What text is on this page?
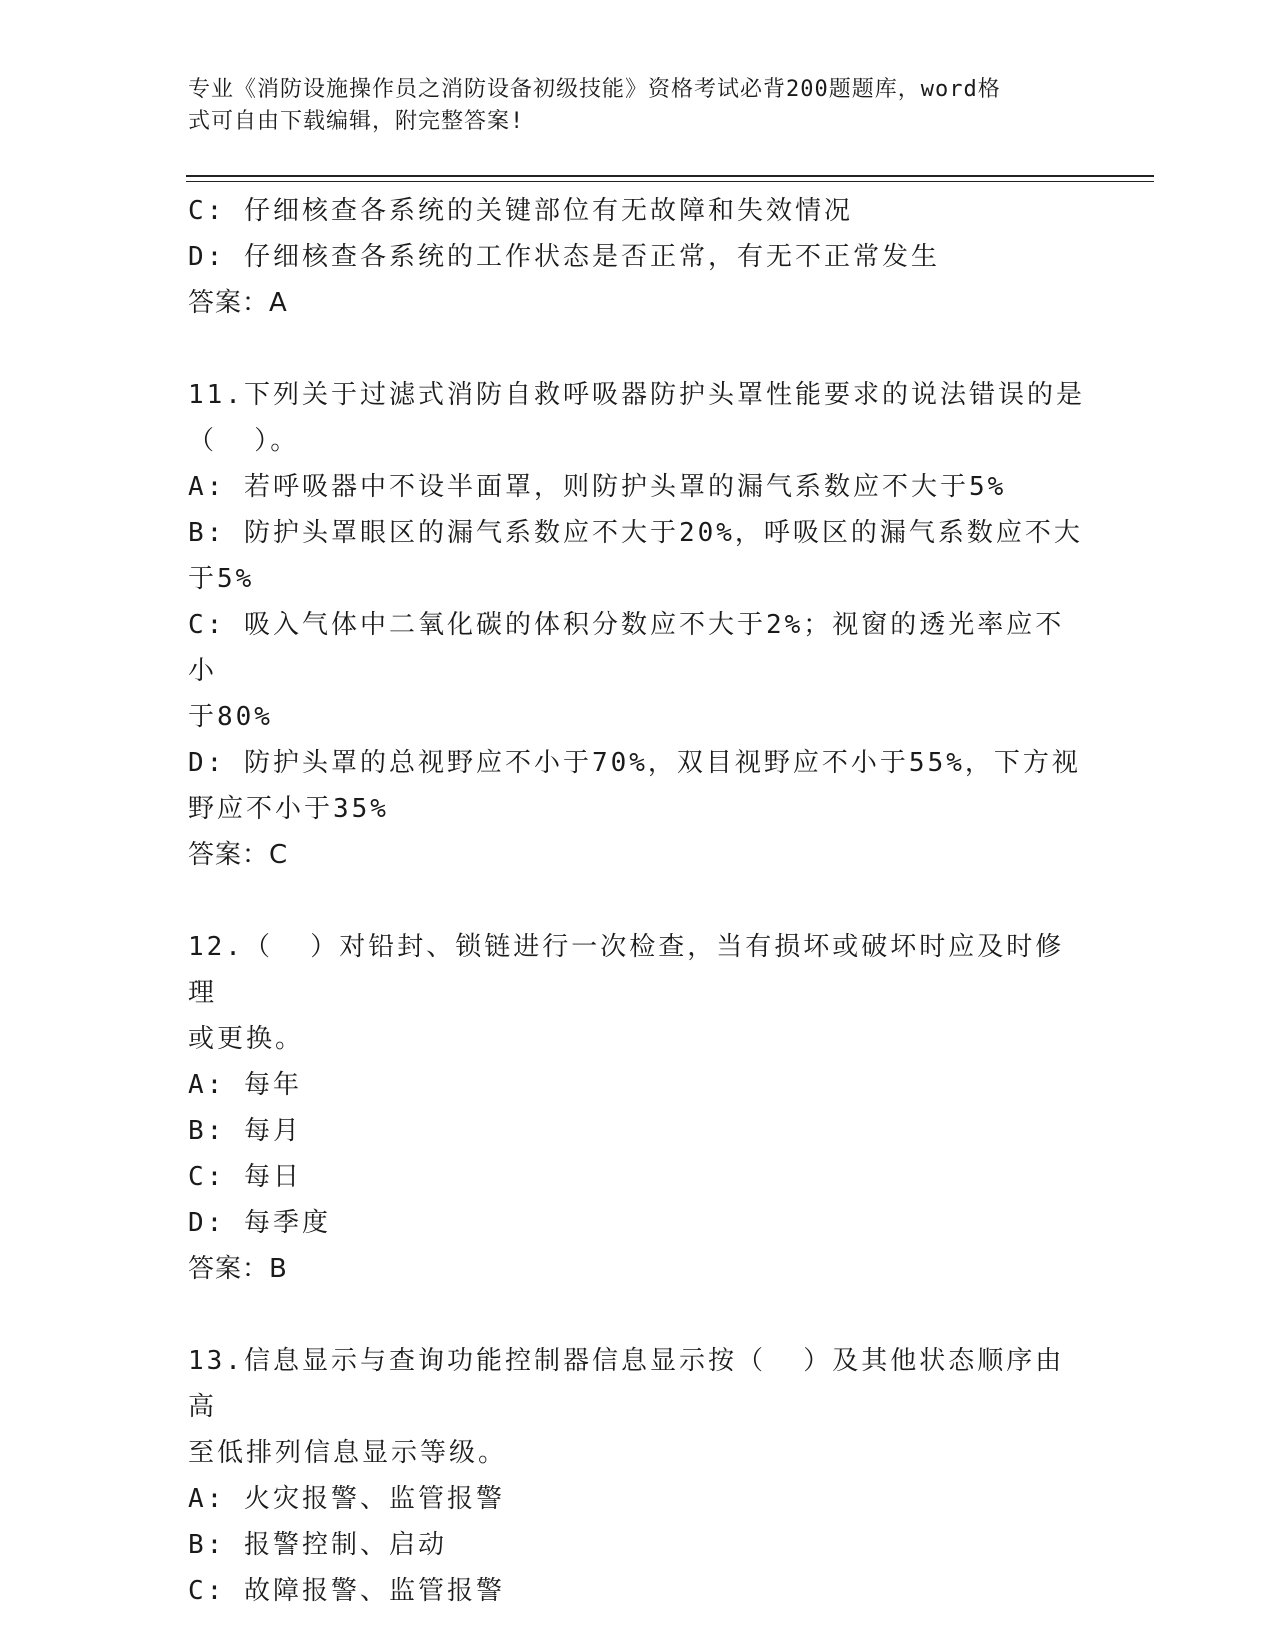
专业《消防设施操作员之消防设备初级技能》资格考试必背200题题库，word格
式可自由下载编辑，附完整答案!
C: 仔细核查各系统的关键部位有无故障和失效情况
D: 仔细核查各系统的工作状态是否正常，有无不正常发生
答案：A
11.下列关于过滤式消防自救呼吸器防护头罩性能要求的说法错误的是
（  ）。
A: 若呼吸器中不设半面罩，则防护头罩的漏气系数应不大于5%
B: 防护头罩眼区的漏气系数应不大于20%，呼吸区的漏气系数应不大
于5%
C: 吸入气体中二氧化碳的体积分数应不大于2%；视窗的透光率应不小
于80%
D: 防护头罩的总视野应不小于70%，双目视野应不小于55%，下方视
野应不小于35%
答案：C
12.（  ）对铅封、锁链进行一次检查，当有损坏或破坏时应及时修理
或更换。
A: 每年
B: 每月
C: 每日
D: 每季度
答案：B
13.信息显示与查询功能控制器信息显示按（  ）及其他状态顺序由高
至低排列信息显示等级。
A: 火灾报警、监管报警
B: 报警控制、启动
C: 故障报警、监管报警
